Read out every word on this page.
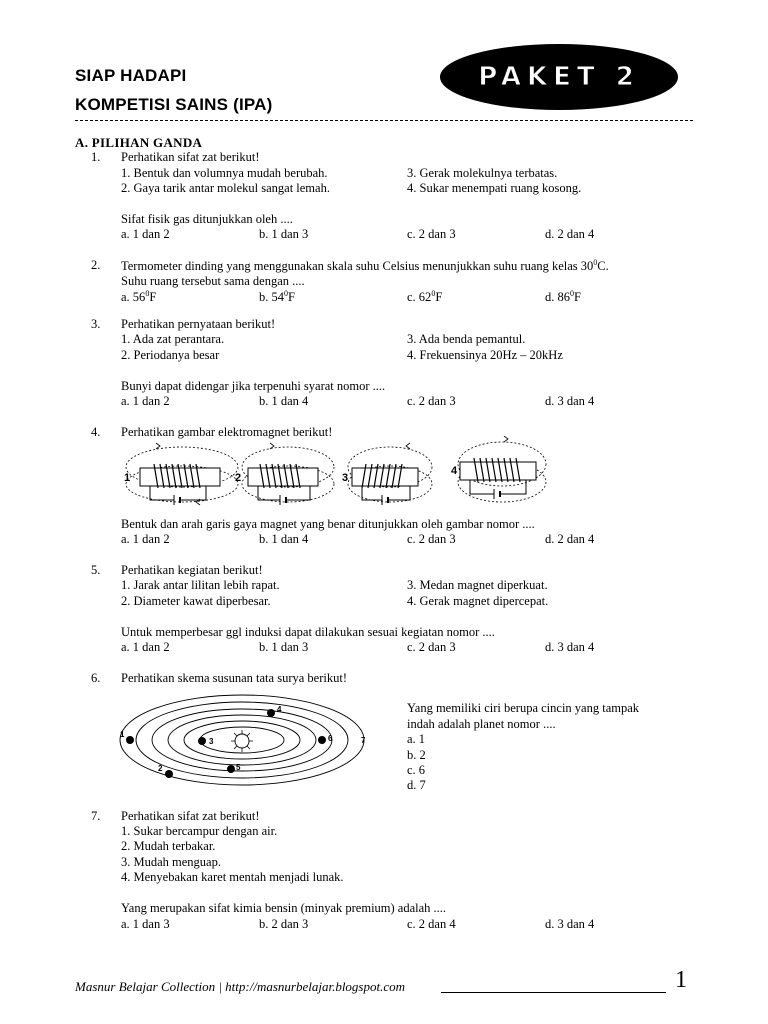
SIAP HADAPI
KOMPETISI SAINS (IPA)
PAKET 2
A. PILIHAN GANDA
1. Perhatikan sifat zat berikut!
1. Bentuk dan volumnya mudah berubah.	3. Gerak molekulnya terbatas.
2. Gaya tarik antar molekul sangat lemah.	4. Sukar menempati ruang kosong.
Sifat fisik gas ditunjukkan oleh ....
a. 1 dan 2	b. 1 dan 3	c. 2 dan 3	d. 2 dan 4
2. Termometer dinding yang menggunakan skala suhu Celsius menunjukkan suhu ruang kelas $30^0C$.
Suhu ruang tersebut sama dengan ....
a. $56^0F$	b. $54^0F$	c. $62^0F$	d. $86^0F$
3. Perhatikan pernyataan berikut!
1. Ada zat perantara.	3. Ada benda pemantul.
2. Periodanya besar	4. Frekuensinya 20Hz – 20kHz
Bunyi dapat didengar jika terpenuhi syarat nomor ....
a. 1 dan 2	b. 1 dan 4	c. 2 dan 3	d. 3 dan 4
4. Perhatikan gambar elektromagnet berikut!
1	2	3
4
Bentuk dan arah garis gaya magnet yang benar ditunjukkan oleh gambar nomor ....
a. 1 dan 2	b. 1 dan 4	c. 2 dan 3	d. 2 dan 4
5. Perhatikan kegiatan berikut!
1. Jarak antar lilitan lebih rapat.	3. Medan magnet diperkuat.
2. Diameter kawat diperbesar.	4. Gerak magnet dipercepat.
Untuk memperbesar ggl induksi dapat dilakukan sesuai kegiatan nomor ....
a. 1 dan 2	b. 1 dan 3	c. 2 dan 3	d. 3 dan 4
6. Perhatikan skema susunan tata surya berikut!
1
2
3
4
5
6	7
Yang memiliki ciri berupa cincin yang tampak
indah adalah planet nomor ....
a. 1
b. 2
c. 6
d. 7
7. Perhatikan sifat zat berikut!
1. Sukar bercampur dengan air.
2. Mudah terbakar.
3. Mudah menguap.
4. Menyebakan karet mentah menjadi lunak.
Yang merupakan sifat kimia bensin (minyak premium) adalah ....
a. 1 dan 3	b. 2 dan 3	c. 2 dan 4	d. 3 dan 4
Masnur Belajar Collection | http://masnurbelajar.blogspot.com	1
